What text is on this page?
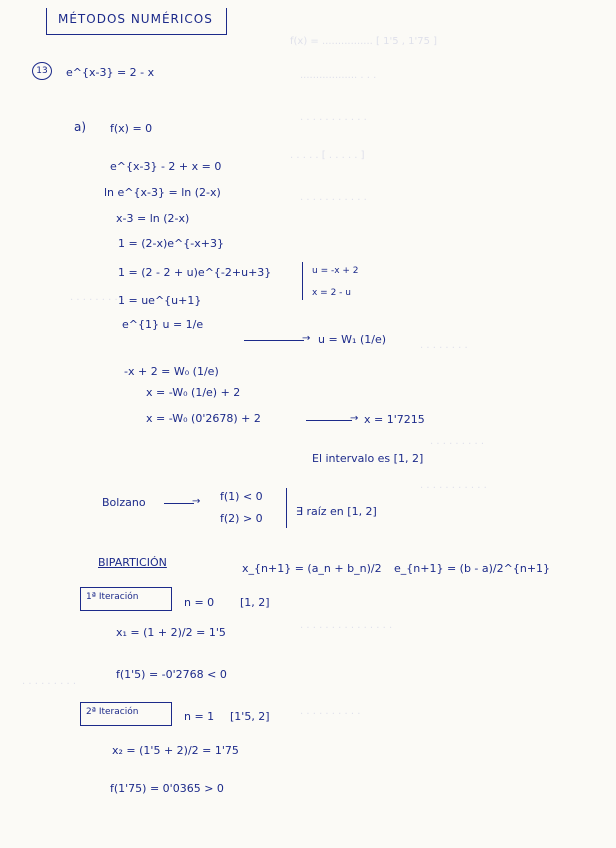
f(x) = ................ [ 1'5 , 1'75 ]
.................. . . .
. . . . . . . . . . .
. . . . . [ . . . . . ]
. . . . . . . . . . .
. . . . . . . . .
. . . . . . . .
. . . . . . . . .
. . . . . . . . . . .
. . . . . . . . . . . . . . .
. . . . . . . . .
. . . . . . . . . .
MÉTODOS NUMÉRICOS
13	e^{x-3} = 2 - x
a) f(x) = 0
e^{x-3} - 2 + x = 0
ln e^{x-3} = ln (2-x)
x-3 = ln (2-x)
1 = (2-x)e^{-x+3}
1 = (2 - 2 + u)e^{-2+u+3}
1 = ue^{u+1}
u = -x + 2
x = 2 - u
e^{1} u = 1/e
→ u = W₁ (1/e)
-x + 2 = W₀ (1/e)
x = -W₀ (1/e) + 2
x = -W₀ (0'2678) + 2	→ x = 1'7215
El intervalo es [1, 2]
Bolzano	→ f(1) < 0
f(2) > 0
∃ raíz en [1, 2]
BIPARTICIÓN	x_{n+1} = (a_n + b_n)/2 e_{n+1} = (b - a)/2^{n+1}
1ª Iteración	n = 0 [1, 2]
x₁ = (1 + 2)/2 = 1'5
f(1'5) = -0'2768 < 0
2ª Iteración	n = 1 [1'5, 2]
x₂ = (1'5 + 2)/2 = 1'75
f(1'75) = 0'0365 > 0
